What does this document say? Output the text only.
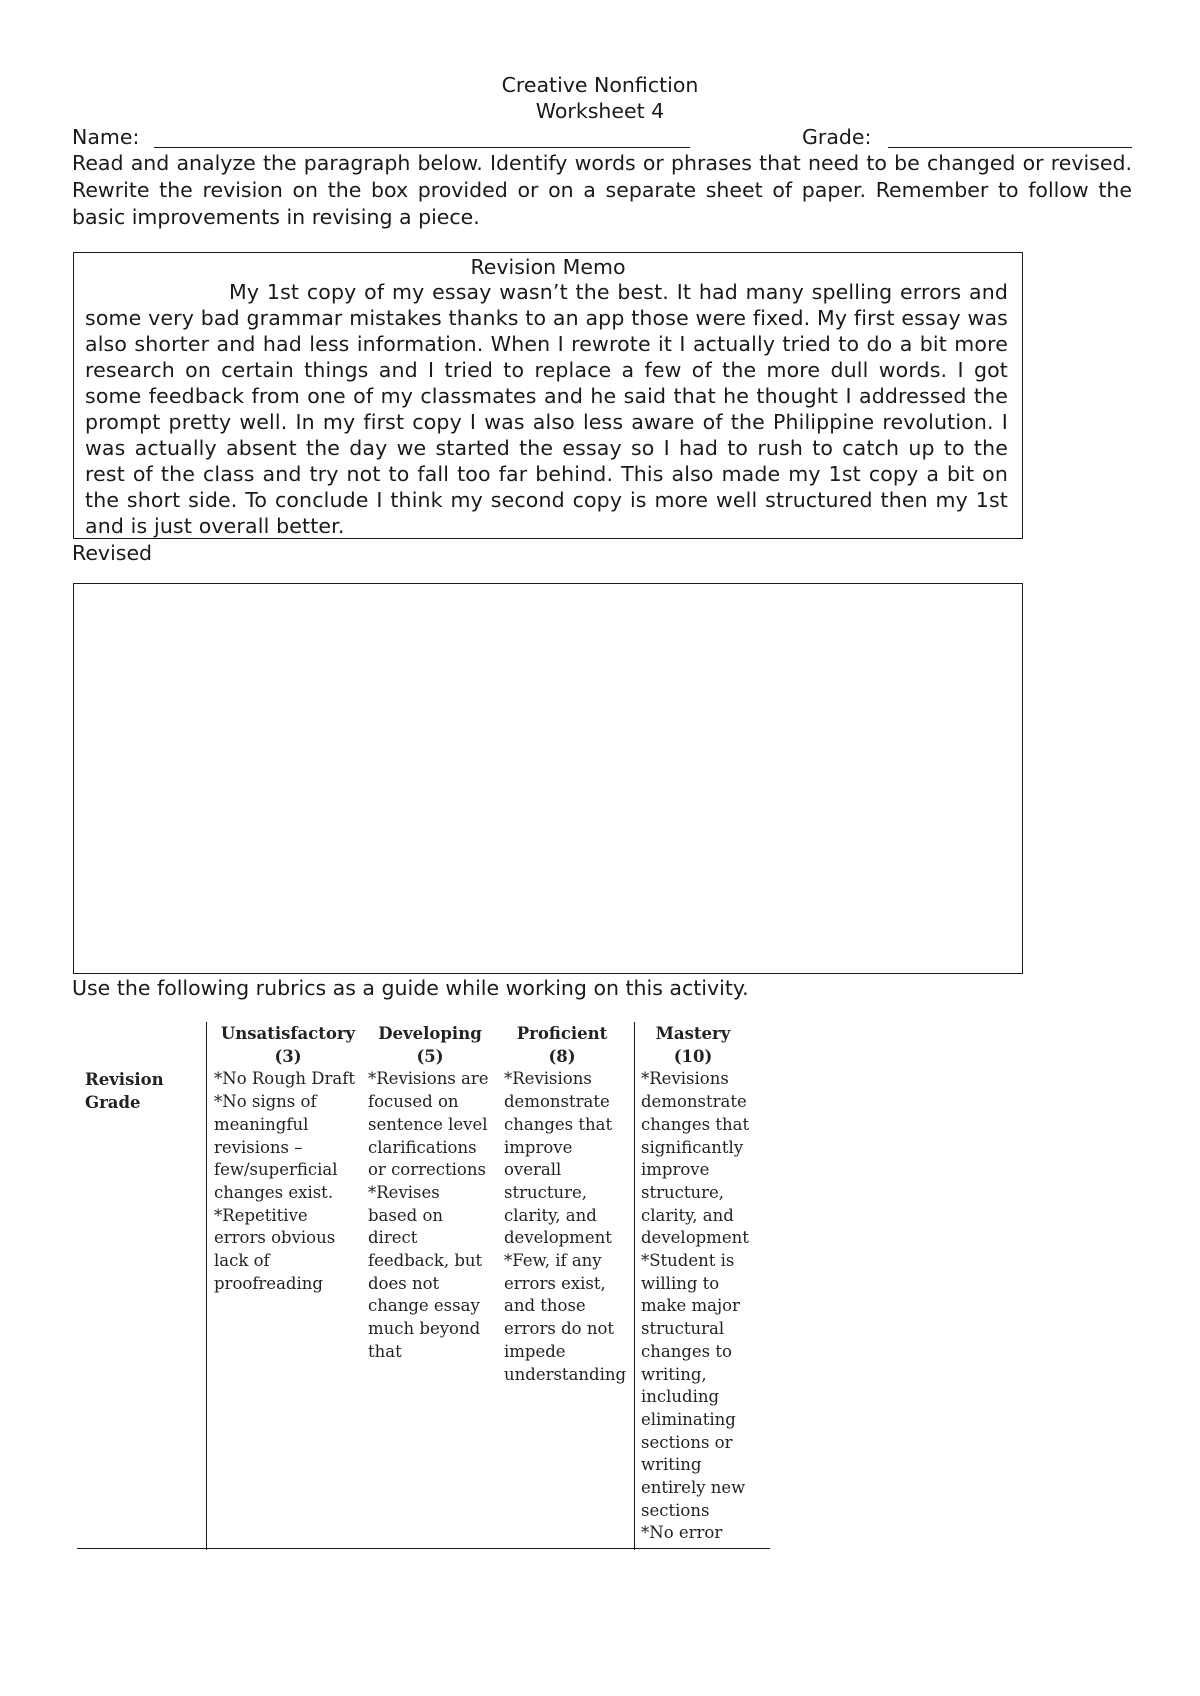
Creative Nonfiction
Worksheet 4
Name:	Grade:
Read and analyze the paragraph below. Identify words or phrases that need to be changed or revised. Rewrite the revision on the box provided or on a separate sheet of paper. Remember to follow the basic improvements in revising a piece.
Revision Memo
My 1st copy of my essay wasn’t the best. It had many spelling errors and some very bad grammar mistakes thanks to an app those were fixed. My first essay was also shorter and had less information. When I rewrote it I actually tried to do a bit more research on certain things and I tried to replace a few of the more dull words. I got some feedback from one of my classmates and he said that he thought I addressed the prompt pretty well. In my first copy I was also less aware of the Philippine revolution. I was actually absent the day we started the essay so I had to rush to catch up to the rest of the class and try not to fall too far behind. This also made my 1st copy a bit on the short side. To conclude I think my second copy is more well structured then my 1st and is just overall better.
Revised
Use the following rubrics as a guide while working on this activity.
Revision
Grade
Unsatisfactory
(3)
*No Rough Draft
*No signs of
meaningful
revisions –
few/superficial
changes exist.
*Repetitive
errors obvious
lack of
proofreading
Developing
(5)
*Revisions are
focused on
sentence level
clarifications
or corrections
*Revises
based on
direct
feedback, but
does not
change essay
much beyond
that
Proficient
(8)
*Revisions
demonstrate
changes that
improve
overall
structure,
clarity, and
development
*Few, if any
errors exist,
and those
errors do not
impede
understanding
Mastery
(10)
*Revisions
demonstrate
changes that
significantly
improve
structure,
clarity, and
development
*Student is
willing to
make major
structural
changes to
writing,
including
eliminating
sections or
writing
entirely new
sections
*No error
